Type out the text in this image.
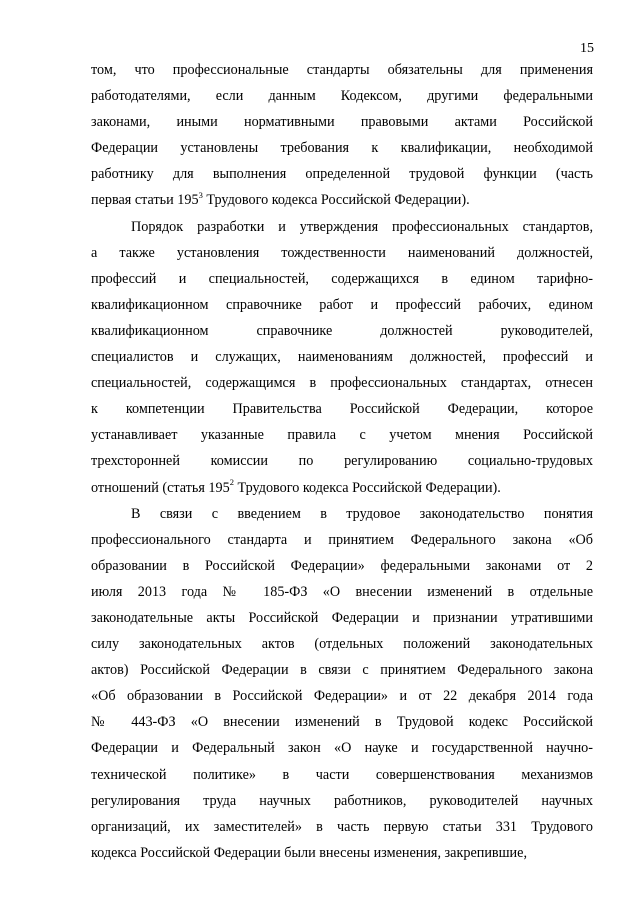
15

том, что профессиональные стандарты обязательны для применения
работодателями, если данным Кодексом, другими федеральными
законами, иными нормативными правовыми актами Российской
Федерации установлены требования к квалификации, необходимой
работнику для выполнения определенной трудовой функции (часть
первая статьи $195^3$ Трудового кодекса Российской Федерации).

Порядок разработки и утверждения профессиональных стандартов,
а также установления тождественности наименований должностей,
профессий и специальностей, содержащихся в едином тарифно-
квалификационном справочнике работ и профессий рабочих, едином
квалификационном справочнике должностей руководителей,
специалистов и служащих, наименованиям должностей, профессий и
специальностей, содержащимся в профессиональных стандартах, отнесен
к компетенции Правительства Российской Федерации, которое
устанавливает указанные правила с учетом мнения Российской
трехсторонней комиссии по регулированию социально-трудовых
отношений (статья $195^2$ Трудового кодекса Российской Федерации).

В связи с введением в трудовое законодательство понятия
профессионального стандарта и принятием Федерального закона «Об
образовании в Российской Федерации» федеральными законами от 2
июля 2013 года № 185-ФЗ «О внесении изменений в отдельные
законодательные акты Российской Федерации и признании утратившими
силу законодательных актов (отдельных положений законодательных
актов) Российской Федерации в связи с принятием Федерального закона
«Об образовании в Российской Федерации» и от 22 декабря 2014 года
№ 443-ФЗ «О внесении изменений в Трудовой кодекс Российской
Федерации и Федеральный закон «О науке и государственной научно-
технической политике» в части совершенствования механизмов
регулирования труда научных работников, руководителей научных
организаций, их заместителей» в часть первую статьи 331 Трудового
кодекса Российской Федерации были внесены изменения, закрепившие,
